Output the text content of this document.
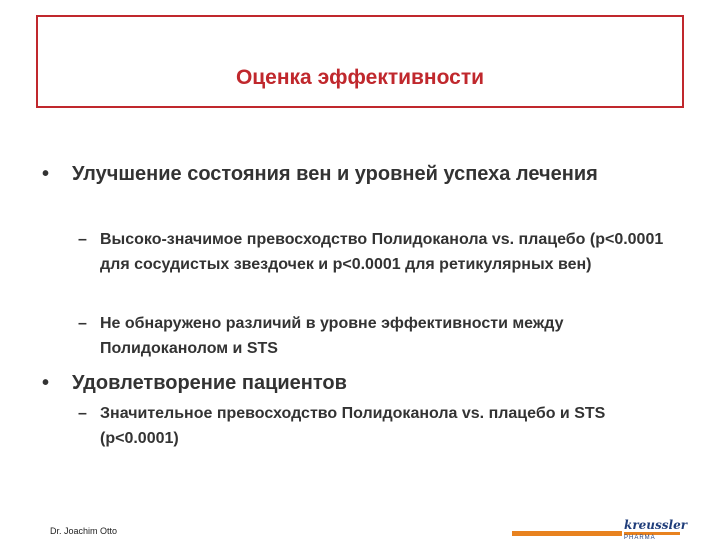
Оценка эффективности
• Улучшение состояния вен и уровней успеха лечения
– Высоко-значимое превосходство Полидоканола vs. плацебо (p<0.0001 для сосудистых звездочек и p<0.0001 для ретикулярных вен)
– Не обнаружено различий в уровне эффективности между Полидоканолом и STS
• Удовлетворение пациентов
– Значительное превосходство Полидоканола vs. плацебо и STS (p<0.0001)
Dr. Joachim Otto	kreussler
PHARMA
